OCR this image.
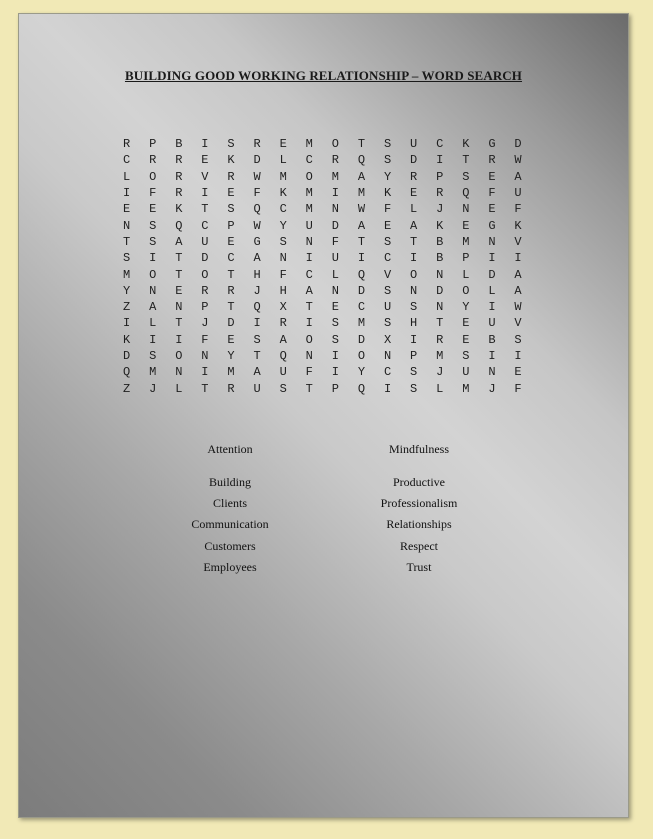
BUILDING GOOD WORKING RELATIONSHIP – WORD SEARCH
R	P	B	I	S	R	E	M	O	T	S	U	C	K	G	D
C	R	R	E	K	D	L	C	R	Q	S	D	I	T	R	W
L	O	R	V	R	W	M	O	M	A	Y	R	P	S	E	A
I	F	R	I	E	F	K	M	I	M	K	E	R	Q	F	U
E	E	K	T	S	Q	C	M	N	W	F	L	J	N	E	F
N	S	Q	C	P	W	Y	U	D	A	E	A	K	E	G	K
T	S	A	U	E	G	S	N	F	T	S	T	B	M	N	V
S	I	T	D	C	A	N	I	U	I	C	I	B	P	I	I
M	O	T	O	T	H	F	C	L	Q	V	O	N	L	D	A
Y	N	E	R	R	J	H	A	N	D	S	N	D	O	L	A
Z	A	N	P	T	Q	X	T	E	C	U	S	N	Y	I	W
I	L	T	J	D	I	R	I	S	M	S	H	T	E	U	V
K	I	I	F	E	S	A	O	S	D	X	I	R	E	B	S
D	S	O	N	Y	T	Q	N	I	O	N	P	M	S	I	I
Q	M	N	I	M	A	U	F	I	Y	C	S	J	U	N	E
Z	J	L	T	R	U	S	T	P	Q	I	S	L	M	J	F
Attention
Building
Clients
Communication
Customers
Employees
Mindfulness
Productive
Professionalism
Relationships
Respect
Trust
